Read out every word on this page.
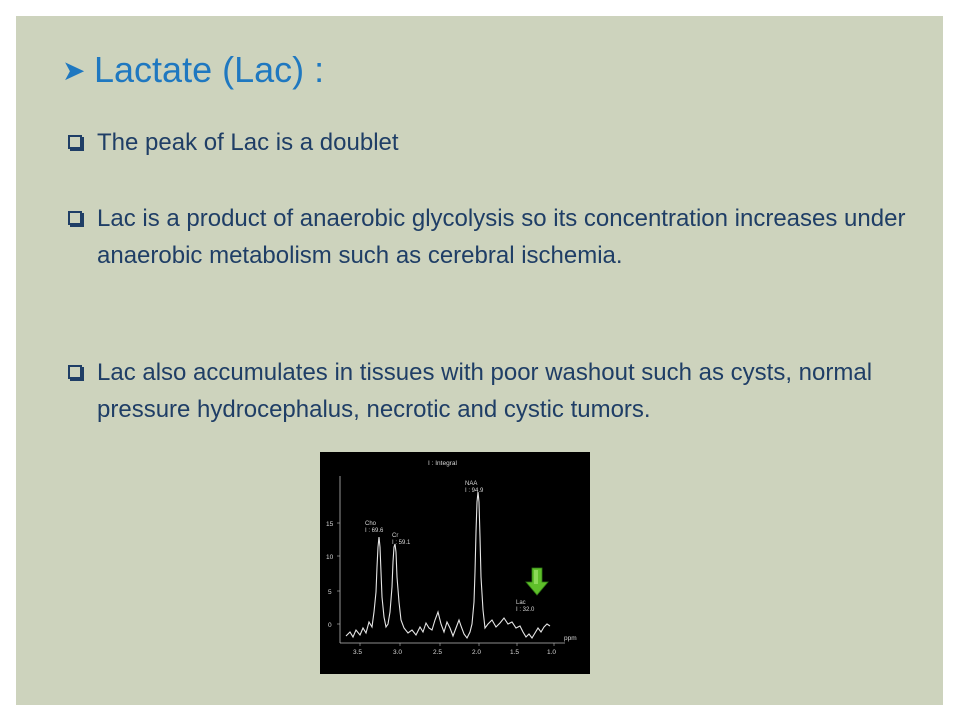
➤ Lactate (Lac) :
The peak of Lac is a doublet
Lac is a product of anaerobic glycolysis so its concentration increases under anaerobic metabolism such as cerebral ischemia.
Lac also accumulates in tissues with poor washout such as cysts, normal pressure hydrocephalus, necrotic and cystic tumors.
I : Integral
15
10
5
0
3.5	3.0	2.5	2.0	1.5	1.0
ppm
Cho
I : 69.6
Cr
I : 59.1
NAA
I : 94.9
Lac
I : 32.0
